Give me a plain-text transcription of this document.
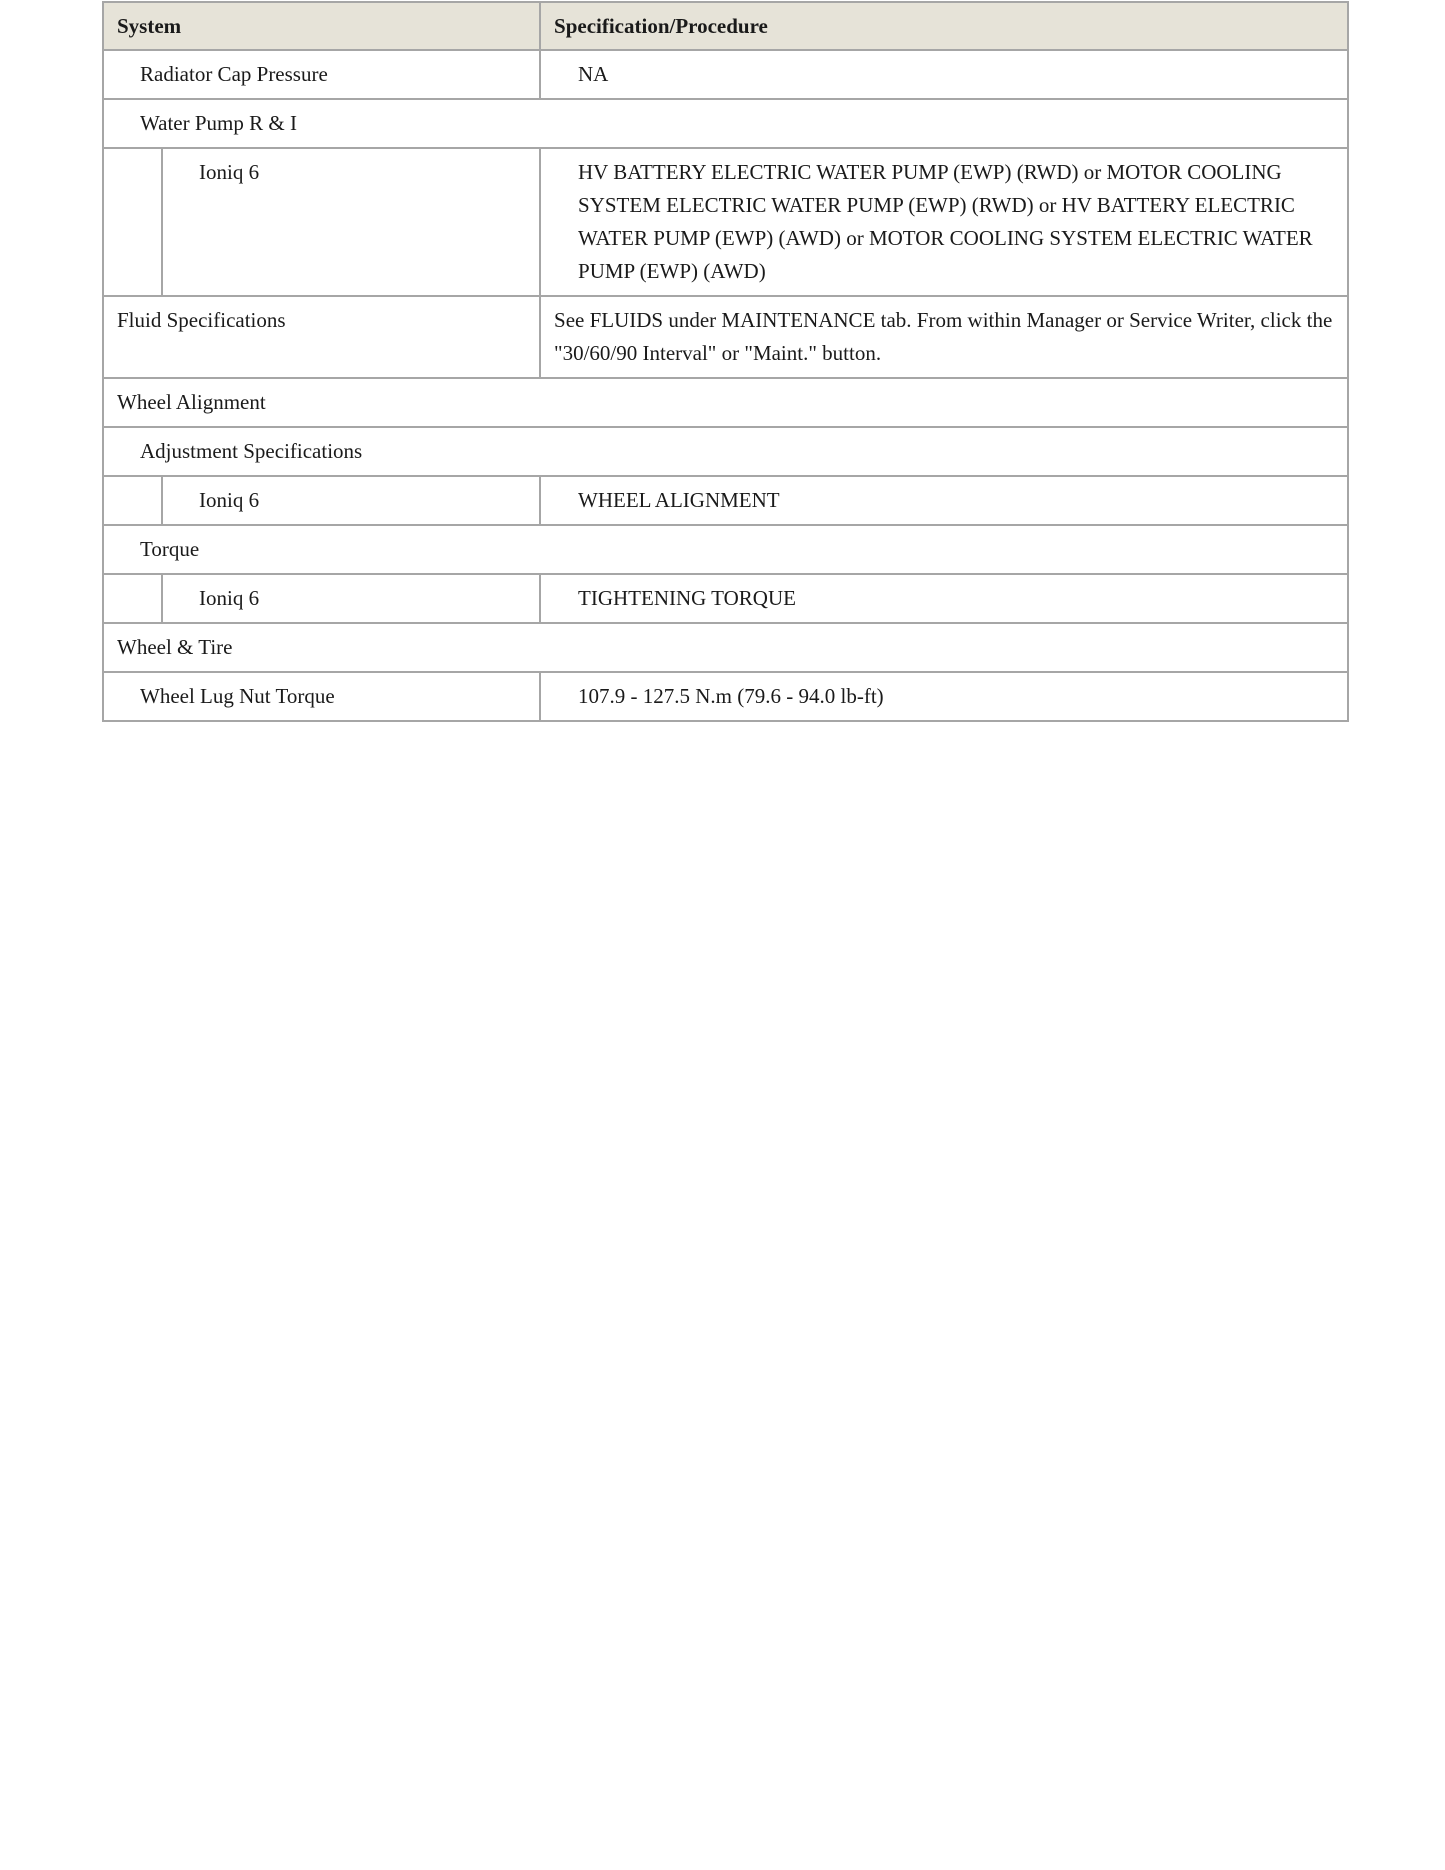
System		Specification/Procedure
Radiator Cap Pressure		NA
Water Pump R & I		
	Ioniq 6	HV BATTERY ELECTRIC WATER PUMP (EWP) (RWD) or MOTOR COOLING SYSTEM ELECTRIC WATER PUMP (EWP) (RWD) or HV BATTERY ELECTRIC WATER PUMP (EWP) (AWD) or MOTOR COOLING SYSTEM ELECTRIC WATER PUMP (EWP) (AWD)
Fluid Specifications		See FLUIDS under MAINTENANCE tab. From within Manager or Service Writer, click the "30/60/90 Interval" or "Maint." button.
Wheel Alignment		
Adjustment Specifications		
	Ioniq 6	WHEEL ALIGNMENT
Torque		
	Ioniq 6	TIGHTENING TORQUE
Wheel & Tire		
Wheel Lug Nut Torque		107.9 - 127.5 N.m (79.6 - 94.0 lb-ft)
